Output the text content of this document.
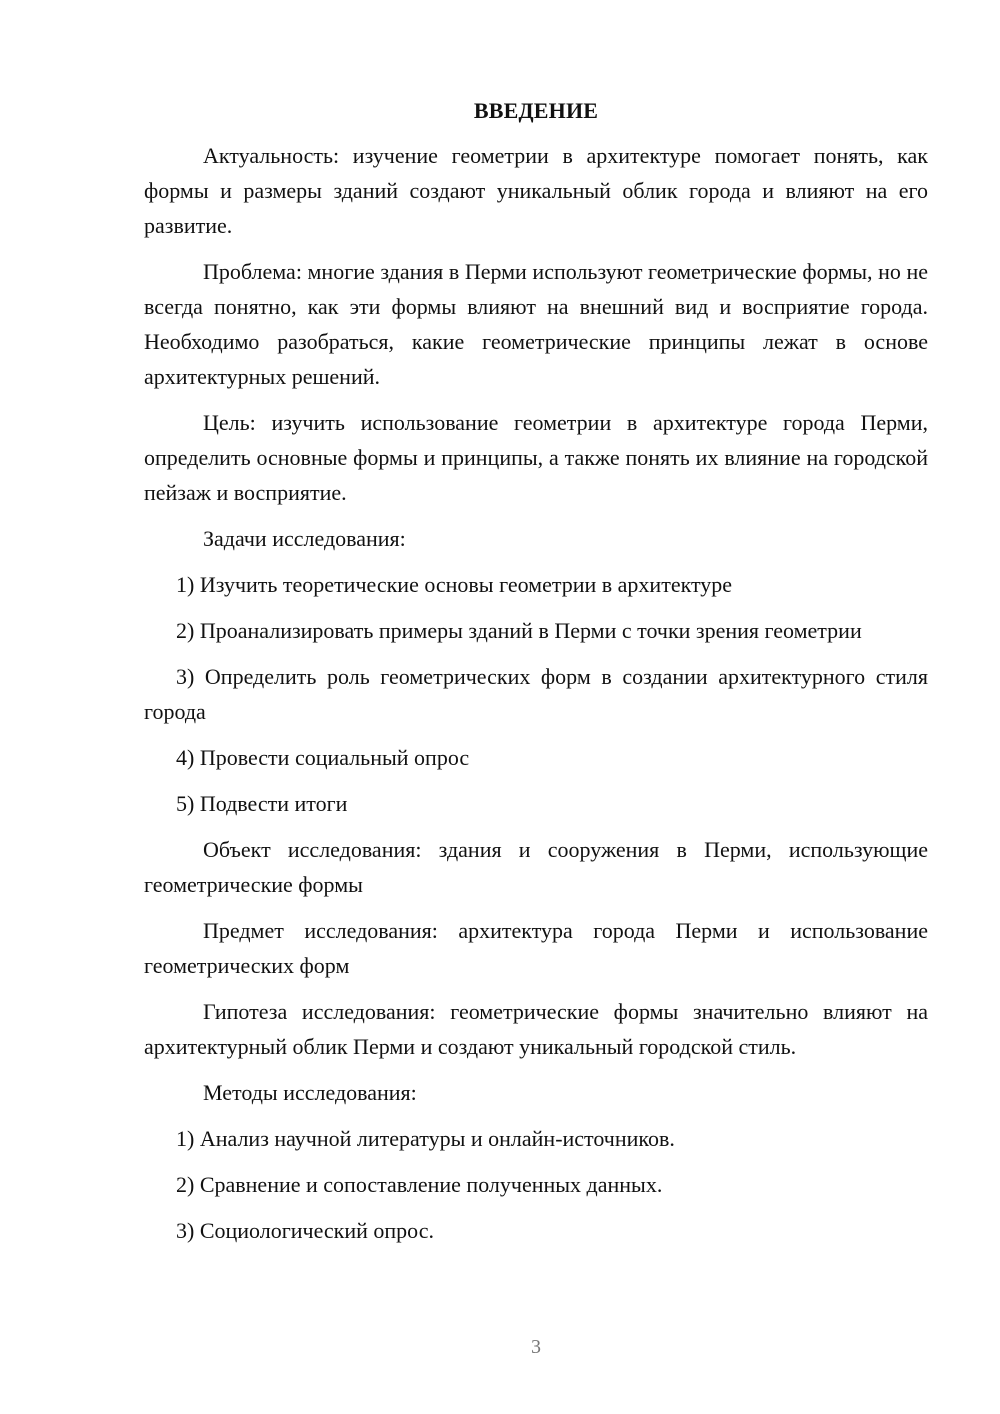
ВВЕДЕНИЕ

Актуальность: изучение геометрии в архитектуре помогает понять, как формы и размеры зданий создают уникальный облик города и влияют на его развитие.

Проблема: многие здания в Перми используют геометрические формы, но не всегда понятно, как эти формы влияют на внешний вид и восприятие города. Необходимо разобраться, какие геометрические принципы лежат в основе архитектурных решений.

Цель: изучить использование геометрии в архитектуре города Перми, определить основные формы и принципы, а также понять их влияние на городской пейзаж и восприятие.

Задачи исследования:

1) Изучить теоретические основы геометрии в архитектуре

2) Проанализировать примеры зданий в Перми с точки зрения геометрии

3) Определить роль геометрических форм в создании архитектурного стиля города

4) Провести социальный опрос

5) Подвести итоги

Объект исследования: здания и сооружения в Перми, использующие геометрические формы

Предмет исследования: архитектура города Перми и использование геометрических форм

Гипотеза исследования: геометрические формы значительно влияют на архитектурный облик Перми и создают уникальный городской стиль.

Методы исследования:

1) Анализ научной литературы и онлайн-источников.

2) Сравнение и сопоставление полученных данных.

3) Социологический опрос.

3
